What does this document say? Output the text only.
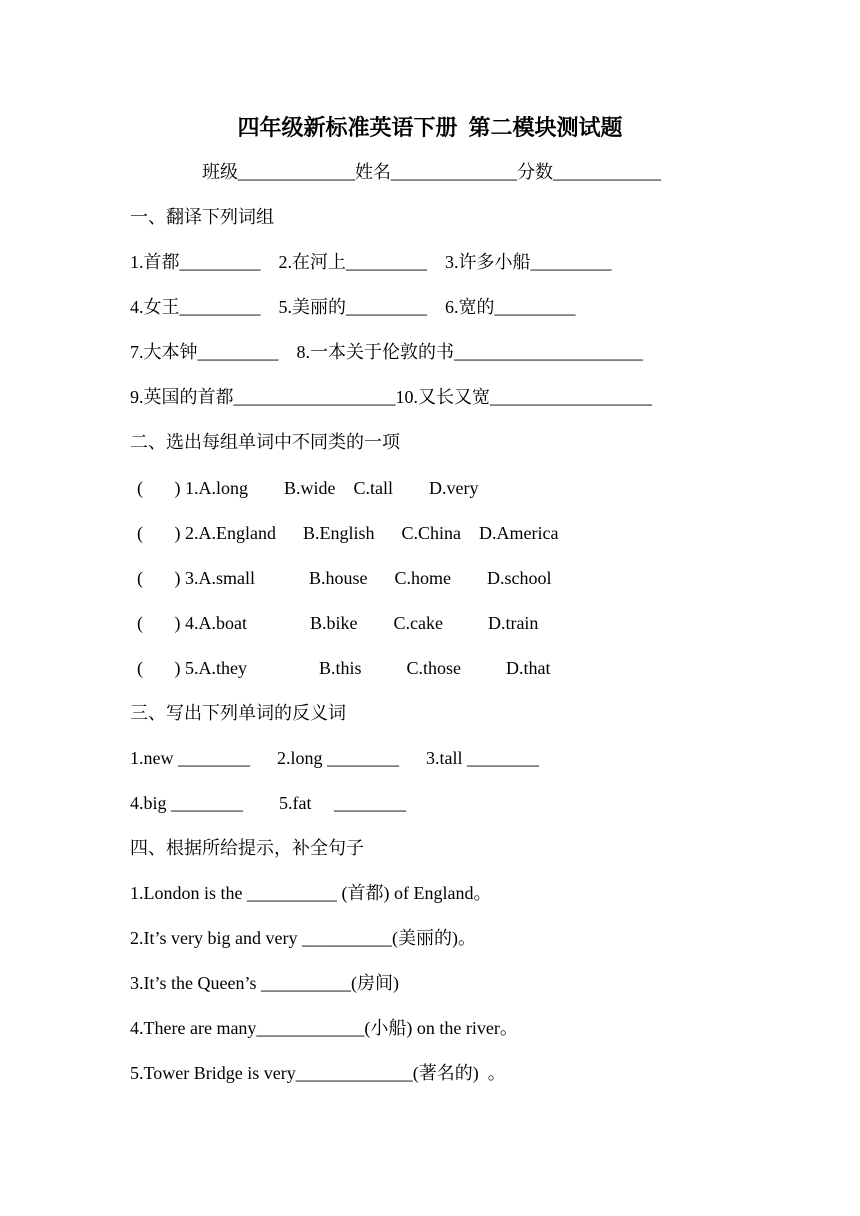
四年级新标准英语下册  第二模块测试题
班级_____________姓名______________分数____________
一、翻译下列词组
1.首都_________    2.在河上_________    3.许多小船_________
4.女王_________    5.美丽的_________    6.宽的_________
7.大本钟_________    8.一本关于伦敦的书_____________________
9.英国的首都__________________10.又长又宽__________________
二、选出每组单词中不同类的一项
(       ) 1.A.long        B.wide    C.tall        D.very
(       ) 2.A.England      B.English      C.China    D.America
(       ) 3.A.small            B.house      C.home        D.school
(       ) 4.A.boat              B.bike        C.cake          D.train
(       ) 5.A.they                B.this          C.those          D.that
三、写出下列单词的反义词
1.new ________      2.long ________      3.tall ________
4.big ________        5.fat     ________
四、根据所给提示，补全句子
1.London is the __________ (首都) of England。
2.It’s very big and very __________(美丽的)。
3.It’s the Queen’s __________(房间)
4.There are many____________(小船) on the river。
5.Tower Bridge is very_____________(著名的)  。
